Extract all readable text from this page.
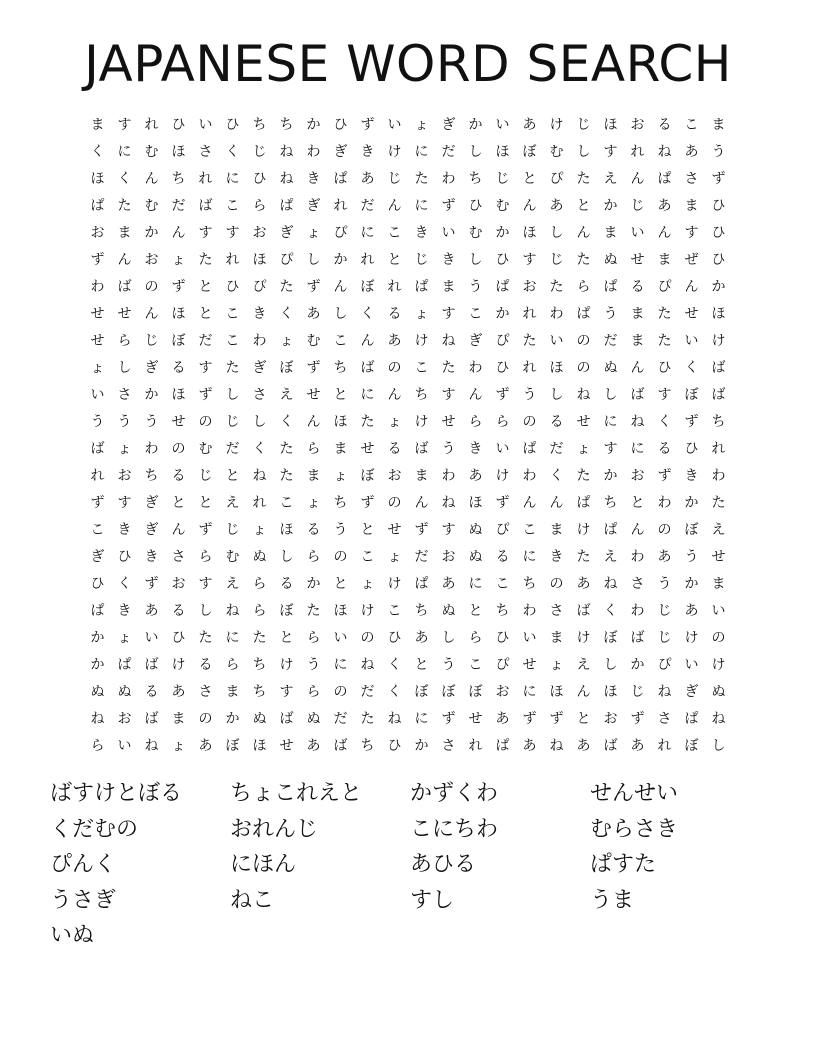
JAPANESE WORD SEARCH
ま す れ ひ い ひ ち ち か ひ ず い ょ ぎ か い あ け じ ほ お る こ ま
く に む ほ さ く じ ね わ ぎ き け に だ し ほ ぼ む し す れ ね あ う
ほ く ん ち れ に ひ ね き ぱ あ じ た わ ち じ と ぴ た え ん ぱ さ ず
ぱ た む だ ば こ ら ぱ ぎ れ だ ん に ず ひ む ん あ と か じ あ ま ひ
お ま か ん す す お ぎ ょ ぴ に こ き い む か ほ し ん ま い ん す ひ
ず ん お ょ た れ ほ ぴ し か れ と じ き し ひ す じ た ぬ せ ま ぜ ひ
わ ば の ず と ひ ぴ た ず ん ぼ れ ぱ ま う ぱ お た ら ぱ る ぴ ん か
せ せ ん ほ と こ き く あ し く る ょ す こ か れ わ ぱ う ま た せ ほ
せ ら じ ぼ だ こ わ ょ む こ ん あ け ね ぎ ぴ た い の だ ま た い け
ょ し ぎ る す た ぎ ぼ ず ち ば の こ た わ ひ れ ほ の ぬ ん ひ く ば
い さ か ほ ず し さ え せ と に ん ち す ん ず う し ね し ば す ぼ ば
う う う せ の じ し く ん ほ た ょ け せ ら ら の る せ に ね く ず ち
ば ょ わ の む だ く た ら ま せ る ば う き い ぱ だ ょ す に る ひ れ
れ お ち る じ と ね た ま ょ ぼ お ま わ あ け わ く た か お ず き わ
ず す ぎ と と え れ こ ょ ち ず の ん ね ほ ず ん ん ぱ ち と わ か た
こ き ぎ ん ず じ ょ ほ る う と せ ず す ぬ ぴ こ ま け ぱ ん の ぼ え
ぎ ひ き さ ら む ぬ し ら の こ ょ だ お ぬ る に き た え わ あ う せ
ひ く ず お す え ら る か と ょ け ぱ あ に こ ち の あ ね さ う か ま
ぱ き あ る し ね ら ぼ た ほ け こ ち ぬ と ち わ さ ば く わ じ あ い
か ょ い ひ た に た と ら い の ひ あ し ら ひ い ま け ぼ ば じ け の
か ぱ ば け る ら ち け う に ね く と う こ ぴ せ ょ え し か ぴ い け
ぬ ぬ る あ さ ま ち す ら の だ く ぼ ぼ ぼ お に ほ ん ほ じ ね ぎ ぬ
ね お ば ま の か ぬ ば ぬ だ た ね に ず せ あ ず ず と お ず さ ぱ ね
ら い ね ょ あ ぼ ほ せ あ ば ち ひ か さ れ ぱ あ ね あ ば あ れ ぼ し
ばすけとぼる ちょこれえと かずくわ	せんせい
くだむの	おれんじ	こにちわ	むらさき
ぴんく	にほん	あひる	ぱすた
うさぎ	ねこ	すし	うま
いぬ
